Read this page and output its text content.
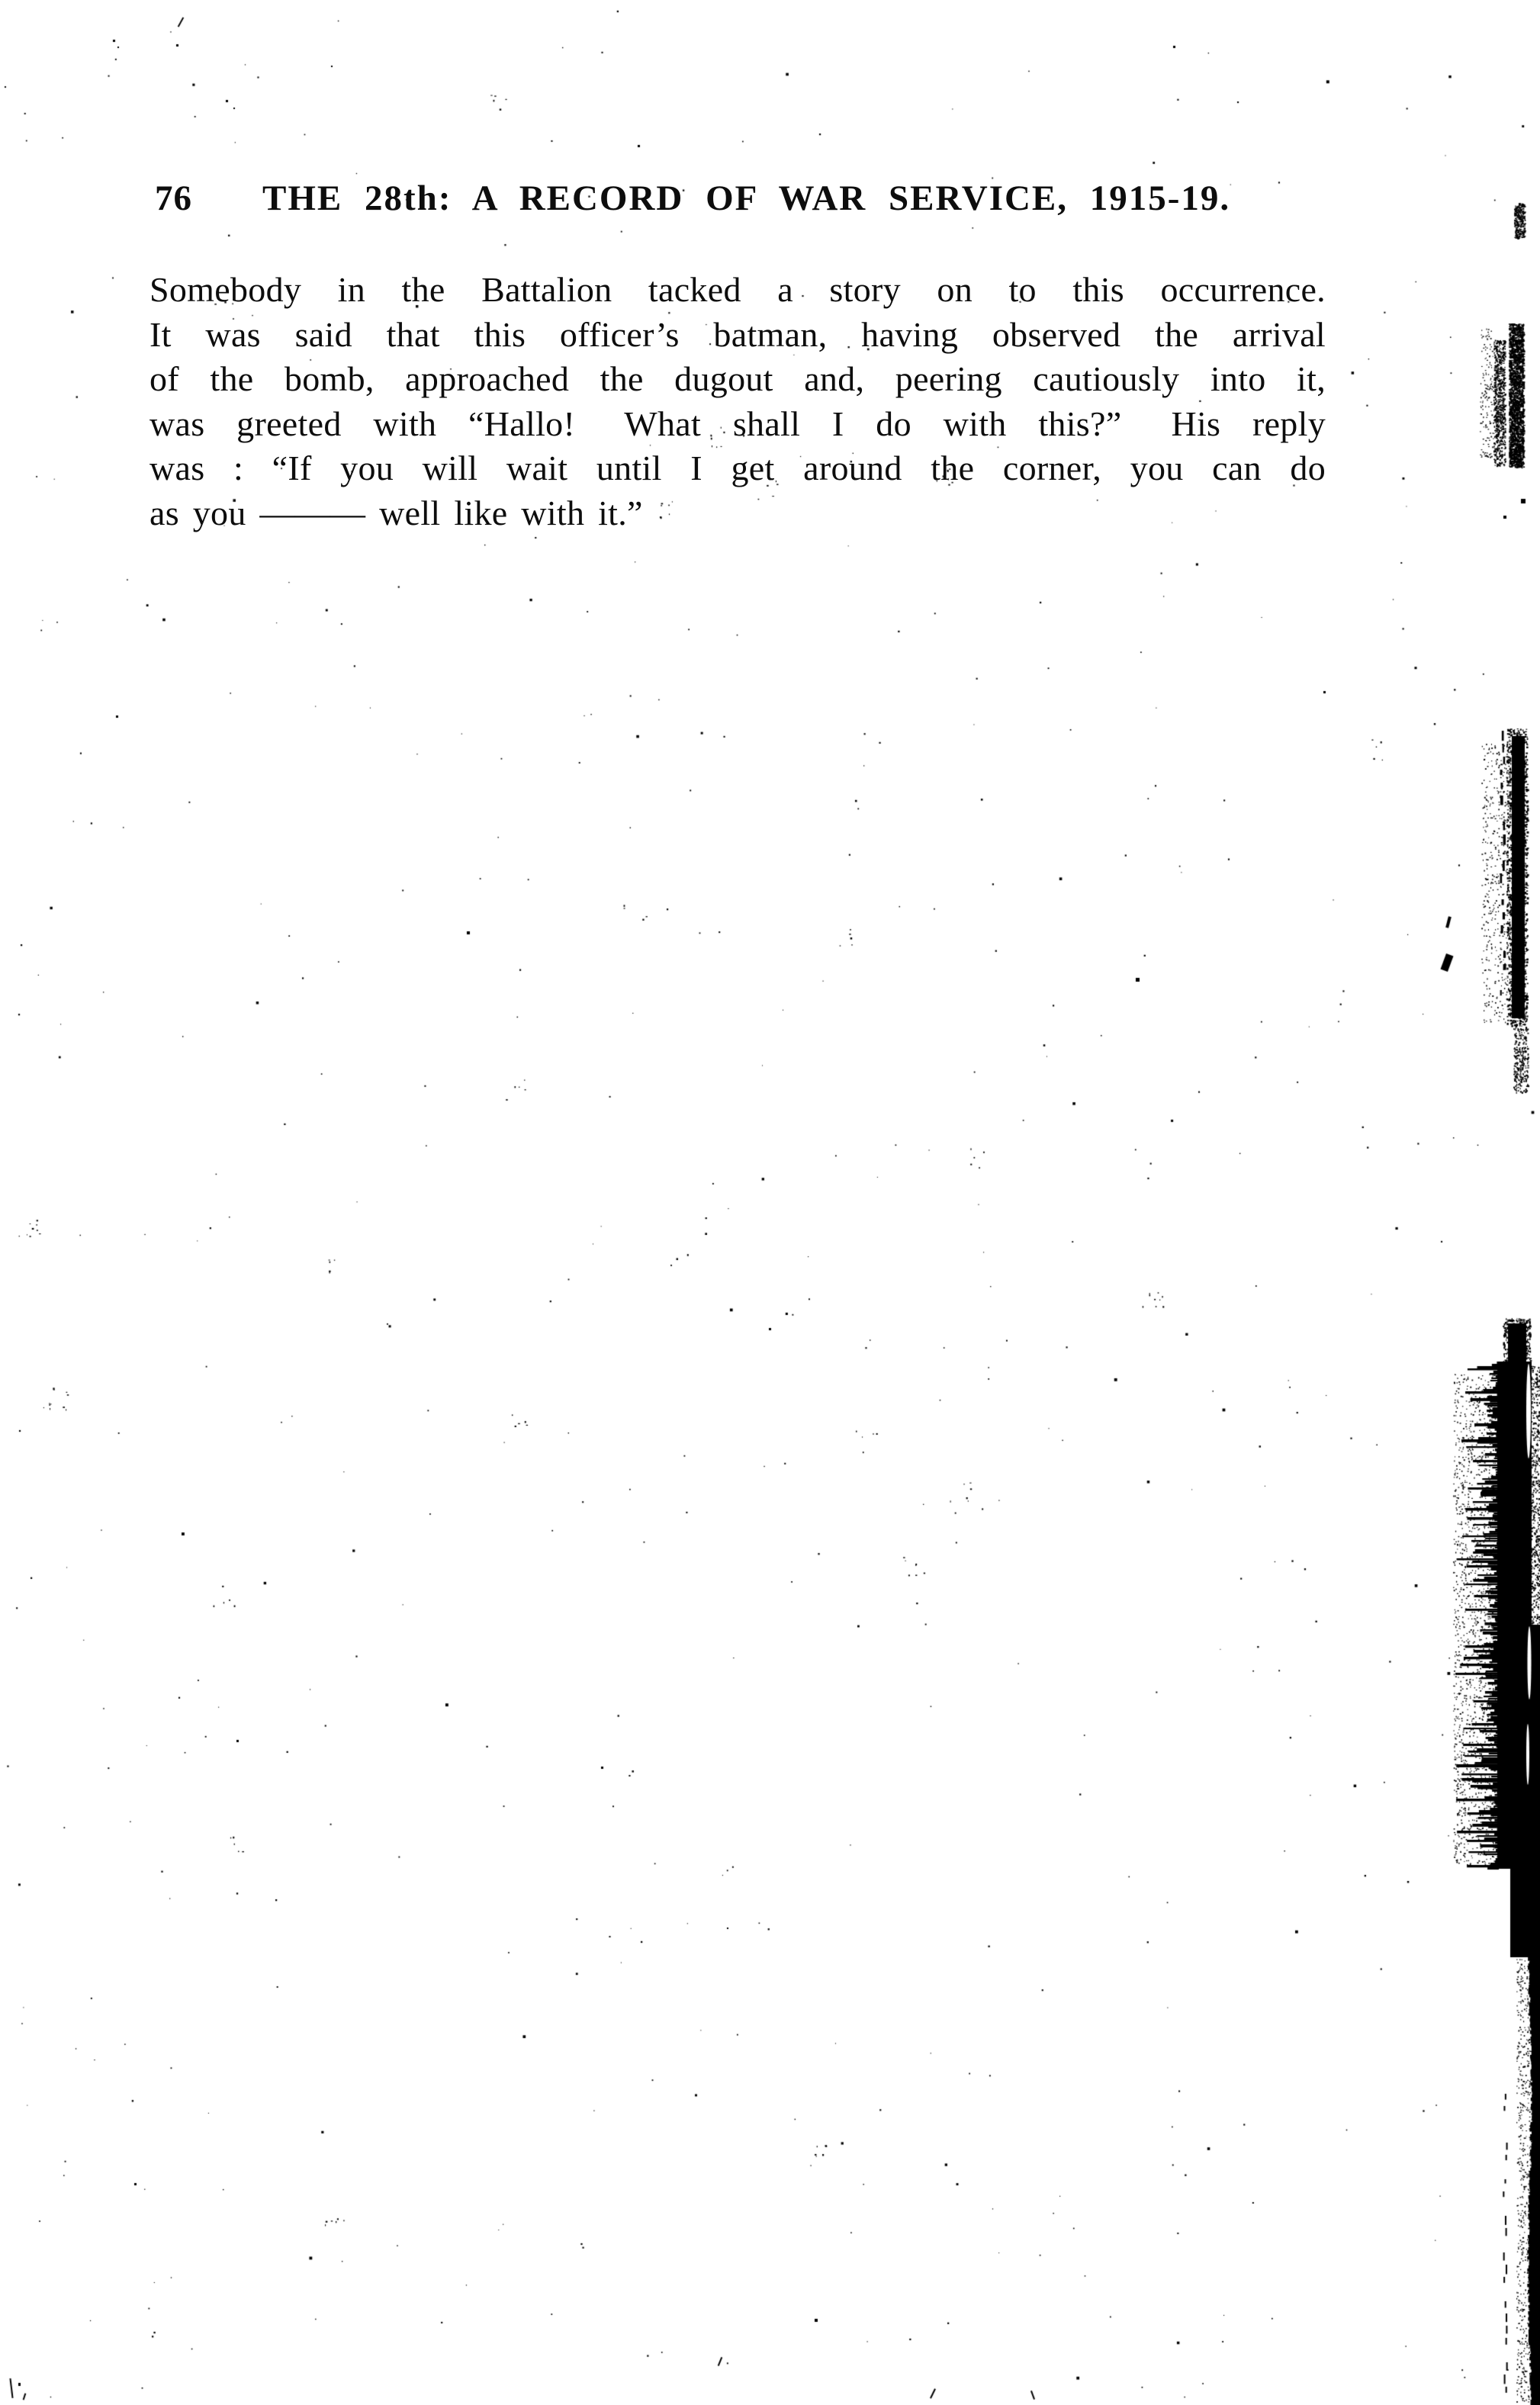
76 THE 28th: A RECORD OF WAR SERVICE, 1915-19.
Somebody in the Battalion tacked a story on to this occurrence.
It was said that this officer’s batman, having observed the arrival
of the bomb, approached the dugout and, peering cautiously into it,
was greeted with “Hallo!  What shall I do with this?”  His reply
was : “If you will wait until I get around the corner, you can do
as you ——— well like with it.”
